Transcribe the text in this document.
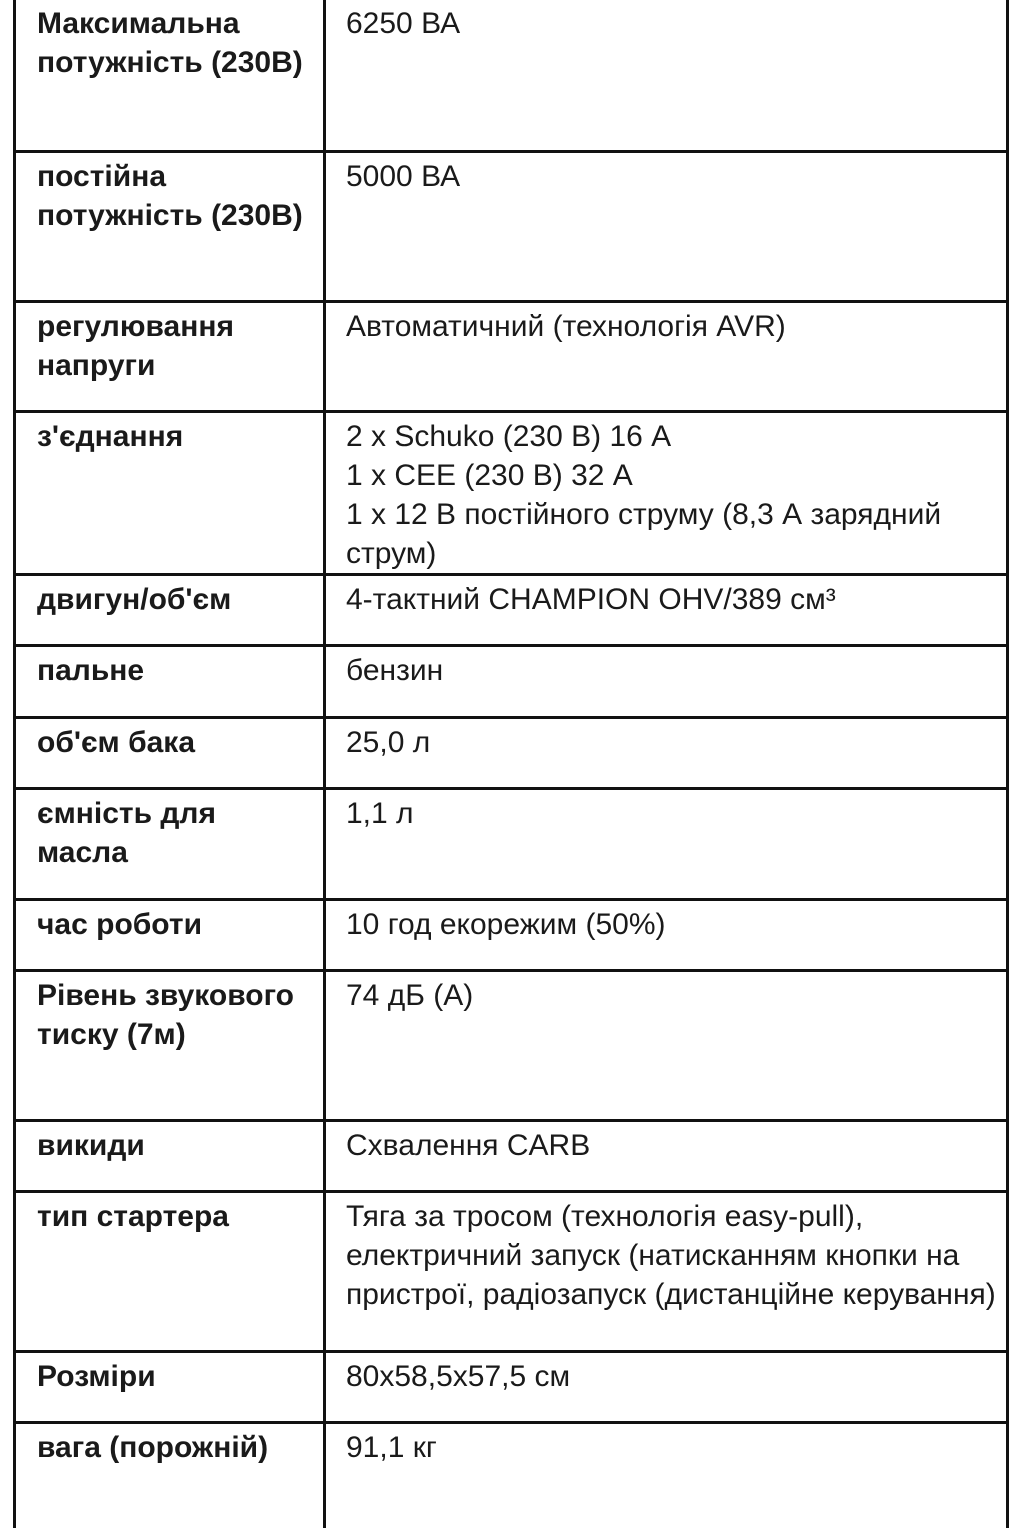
Максимальна потужність (230В)	6250 ВА

постійна потужність (230В)	5000 ВА

регулювання напруги	Автоматичний (технологія AVR)

з'єднання	2 x Schuko (230 В) 16 А
1 x CEE (230 В) 32 А
1 x 12 В постійного струму (8,3 А зарядний струм)

двигун/об'єм	4-тактний CHAMPION OHV/389 см³

пальне	бензин

об'єм бака	25,0 л

ємність для масла	1,1 л

час роботи	10 год екорежим (50%)

Рівень звукового тиску (7м)	74 дБ (А)

викиди	Схвалення CARB

тип стартера	Тяга за тросом (технологія easy-pull), електричний запуск (натисканням кнопки на пристрої, радіозапуск (дистанційне керування)

Розміри	80x58,5x57,5 см

вага (порожній)	91,1 кг
